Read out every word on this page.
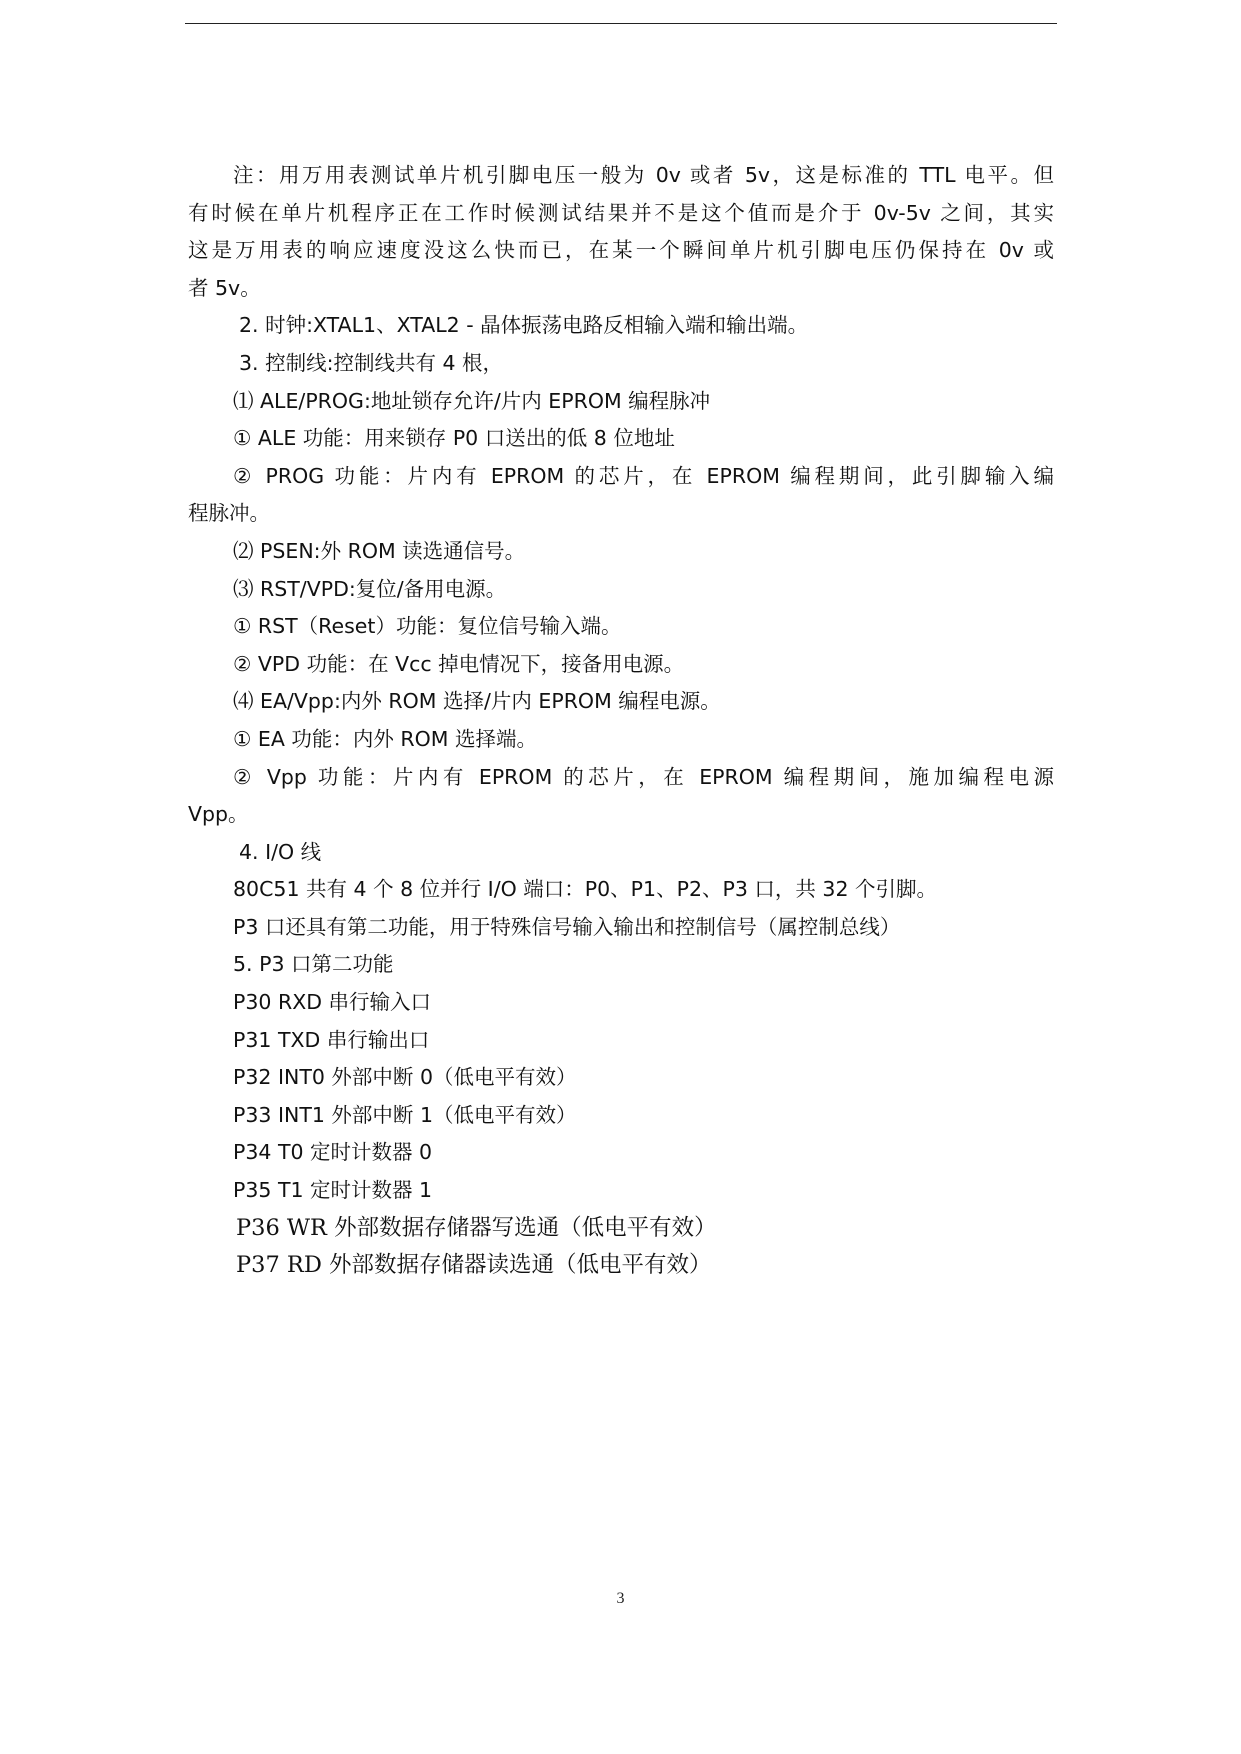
注：用万用表测试单片机引脚电压一般为 0v 或者 5v，这是标准的 TTL 电平。但
有时候在单片机程序正在工作时候测试结果并不是这个值而是介于 0v-5v 之间，其实
这是万用表的响应速度没这么快而已，在某一个瞬间单片机引脚电压仍保持在 0v 或
者 5v。
2. 时钟:XTAL1、XTAL2 - 晶体振荡电路反相输入端和输出端。
3. 控制线:控制线共有 4 根，
⑴ ALE/PROG:地址锁存允许/片内 EPROM 编程脉冲
① ALE 功能：用来锁存 P0 口送出的低 8 位地址
② PROG 功能：片内有 EPROM 的芯片，在 EPROM 编程期间，此引脚输入编
程脉冲。
⑵ PSEN:外 ROM 读选通信号。
⑶ RST/VPD:复位/备用电源。
① RST（Reset）功能：复位信号输入端。
② VPD 功能：在 Vcc 掉电情况下，接备用电源。
⑷ EA/Vpp:内外 ROM 选择/片内 EPROM 编程电源。
① EA 功能：内外 ROM 选择端。
② Vpp 功能：片内有 EPROM 的芯片，在 EPROM 编程期间，施加编程电源
Vpp。
4. I/O 线
80C51 共有 4 个 8 位并行 I/O 端口：P0、P1、P2、P3 口，共 32 个引脚。
P3 口还具有第二功能，用于特殊信号输入输出和控制信号（属控制总线）
5. P3 口第二功能
P30 RXD 串行输入口
P31 TXD 串行输出口
P32 INT0 外部中断 0（低电平有效）
P33 INT1 外部中断 1（低电平有效）
P34 T0 定时计数器 0
P35 T1 定时计数器 1
P36 WR 外部数据存储器写选通（低电平有效）
P37 RD 外部数据存储器读选通（低电平有效）
3
